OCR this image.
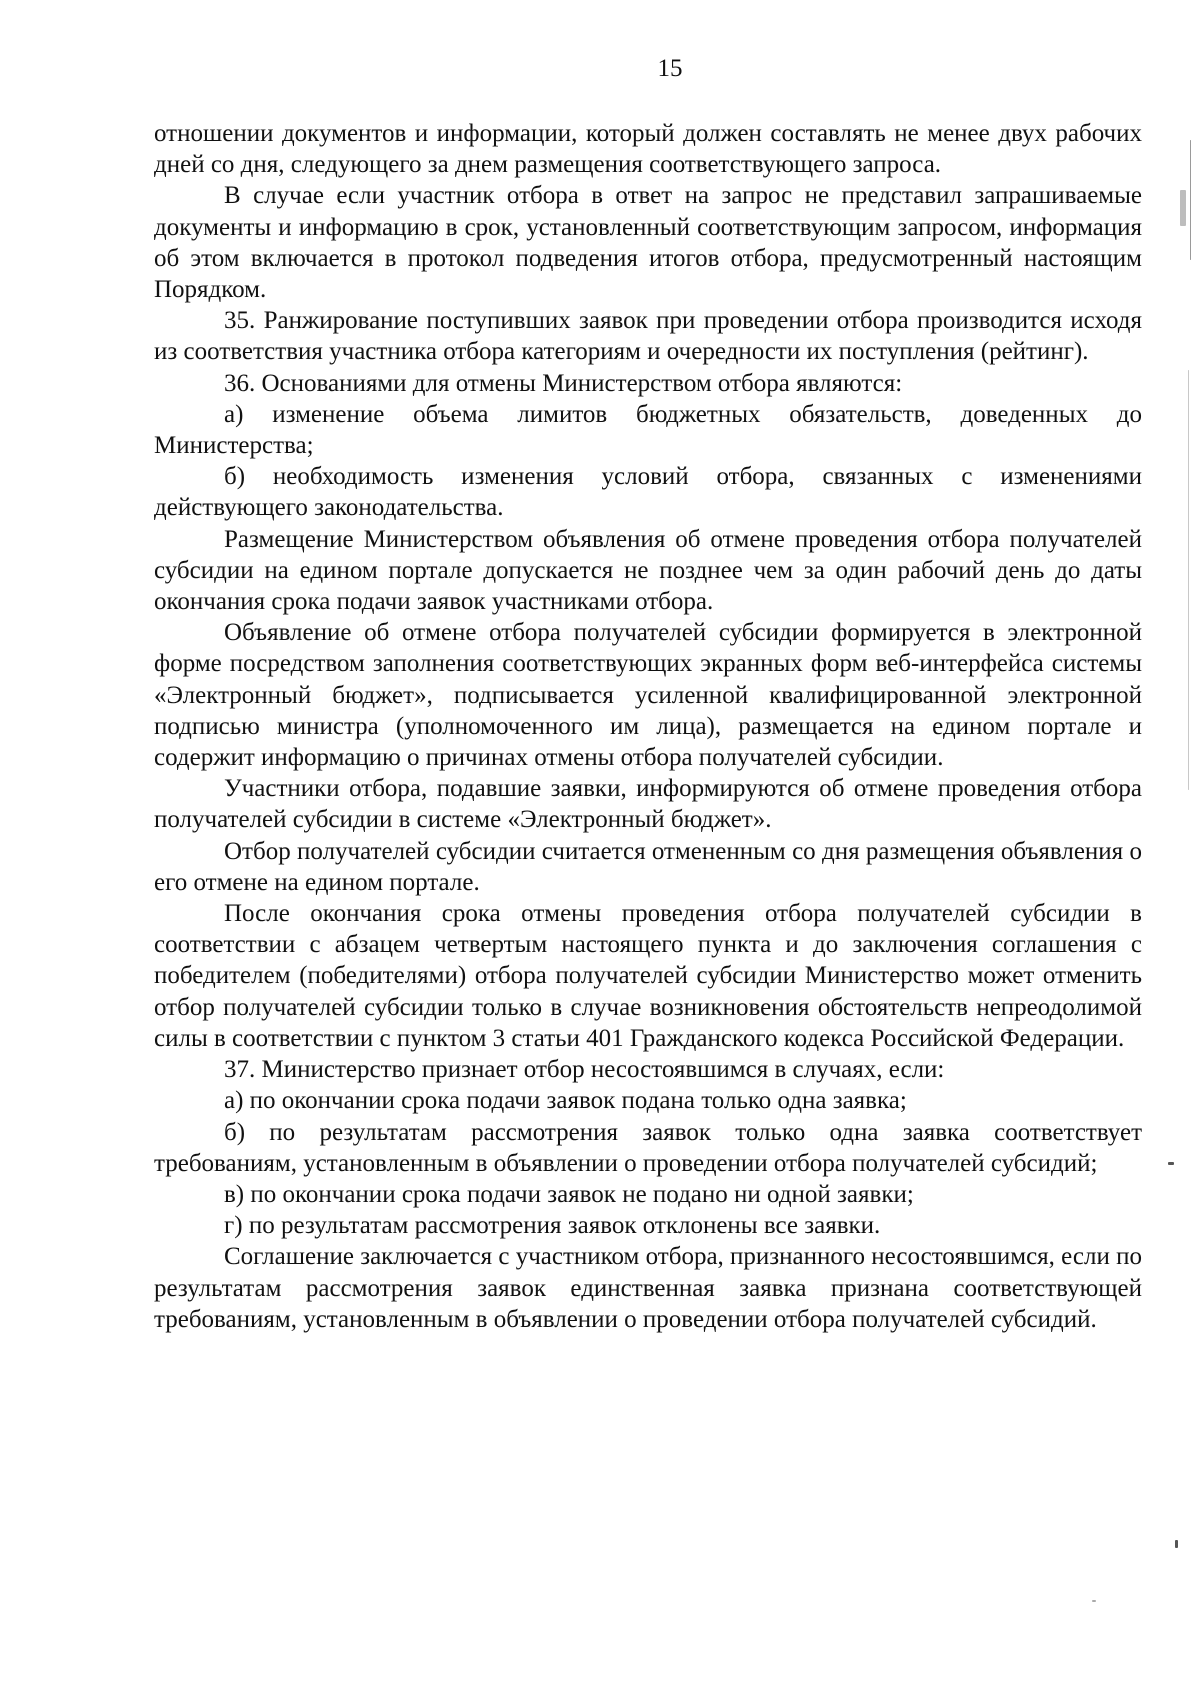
15

отношении документов и информации, который должен составлять не менее двух рабочих дней со дня, следующего за днем размещения соответствующего запроса.

В случае если участник отбора в ответ на запрос не представил запрашиваемые документы и информацию в срок, установленный соответствующим запросом, информация об этом включается в протокол подведения итогов отбора, предусмотренный настоящим Порядком.

35. Ранжирование поступивших заявок при проведении отбора производится исходя из соответствия участника отбора категориям и очередности их поступления (рейтинг).

36. Основаниями для отмены Министерством отбора являются:

а) изменение объема лимитов бюджетных обязательств, доведенных до Министерства;

б) необходимость изменения условий отбора, связанных с изменениями действующего законодательства.

Размещение Министерством объявления об отмене проведения отбора получателей субсидии на едином портале допускается не позднее чем за один рабочий день до даты окончания срока подачи заявок участниками отбора.

Объявление об отмене отбора получателей субсидии формируется в электронной форме посредством заполнения соответствующих экранных форм веб-интерфейса системы «Электронный бюджет», подписывается усиленной квалифицированной электронной подписью министра (уполномоченного им лица), размещается на едином портале и содержит информацию о причинах отмены отбора получателей субсидии.

Участники отбора, подавшие заявки, информируются об отмене проведения отбора получателей субсидии в системе «Электронный бюджет».

Отбор получателей субсидии считается отмененным со дня размещения объявления о его отмене на едином портале.

После окончания срока отмены проведения отбора получателей субсидии в соответствии с абзацем четвертым настоящего пункта и до заключения соглашения с победителем (победителями) отбора получателей субсидии Министерство может отменить отбор получателей субсидии только в случае возникновения обстоятельств непреодолимой силы в соответствии с пунктом 3 статьи 401 Гражданского кодекса Российской Федерации.

37. Министерство признает отбор несостоявшимся в случаях, если:

а) по окончании срока подачи заявок подана только одна заявка;

б) по результатам рассмотрения заявок только одна заявка соответствует требованиям, установленным в объявлении о проведении отбора получателей субсидий;

в) по окончании срока подачи заявок не подано ни одной заявки;

г) по результатам рассмотрения заявок отклонены все заявки.

Соглашение заключается с участником отбора, признанного несостоявшимся, если по результатам рассмотрения заявок единственная заявка признана соответствующей требованиям, установленным в объявлении о проведении отбора получателей субсидий.
